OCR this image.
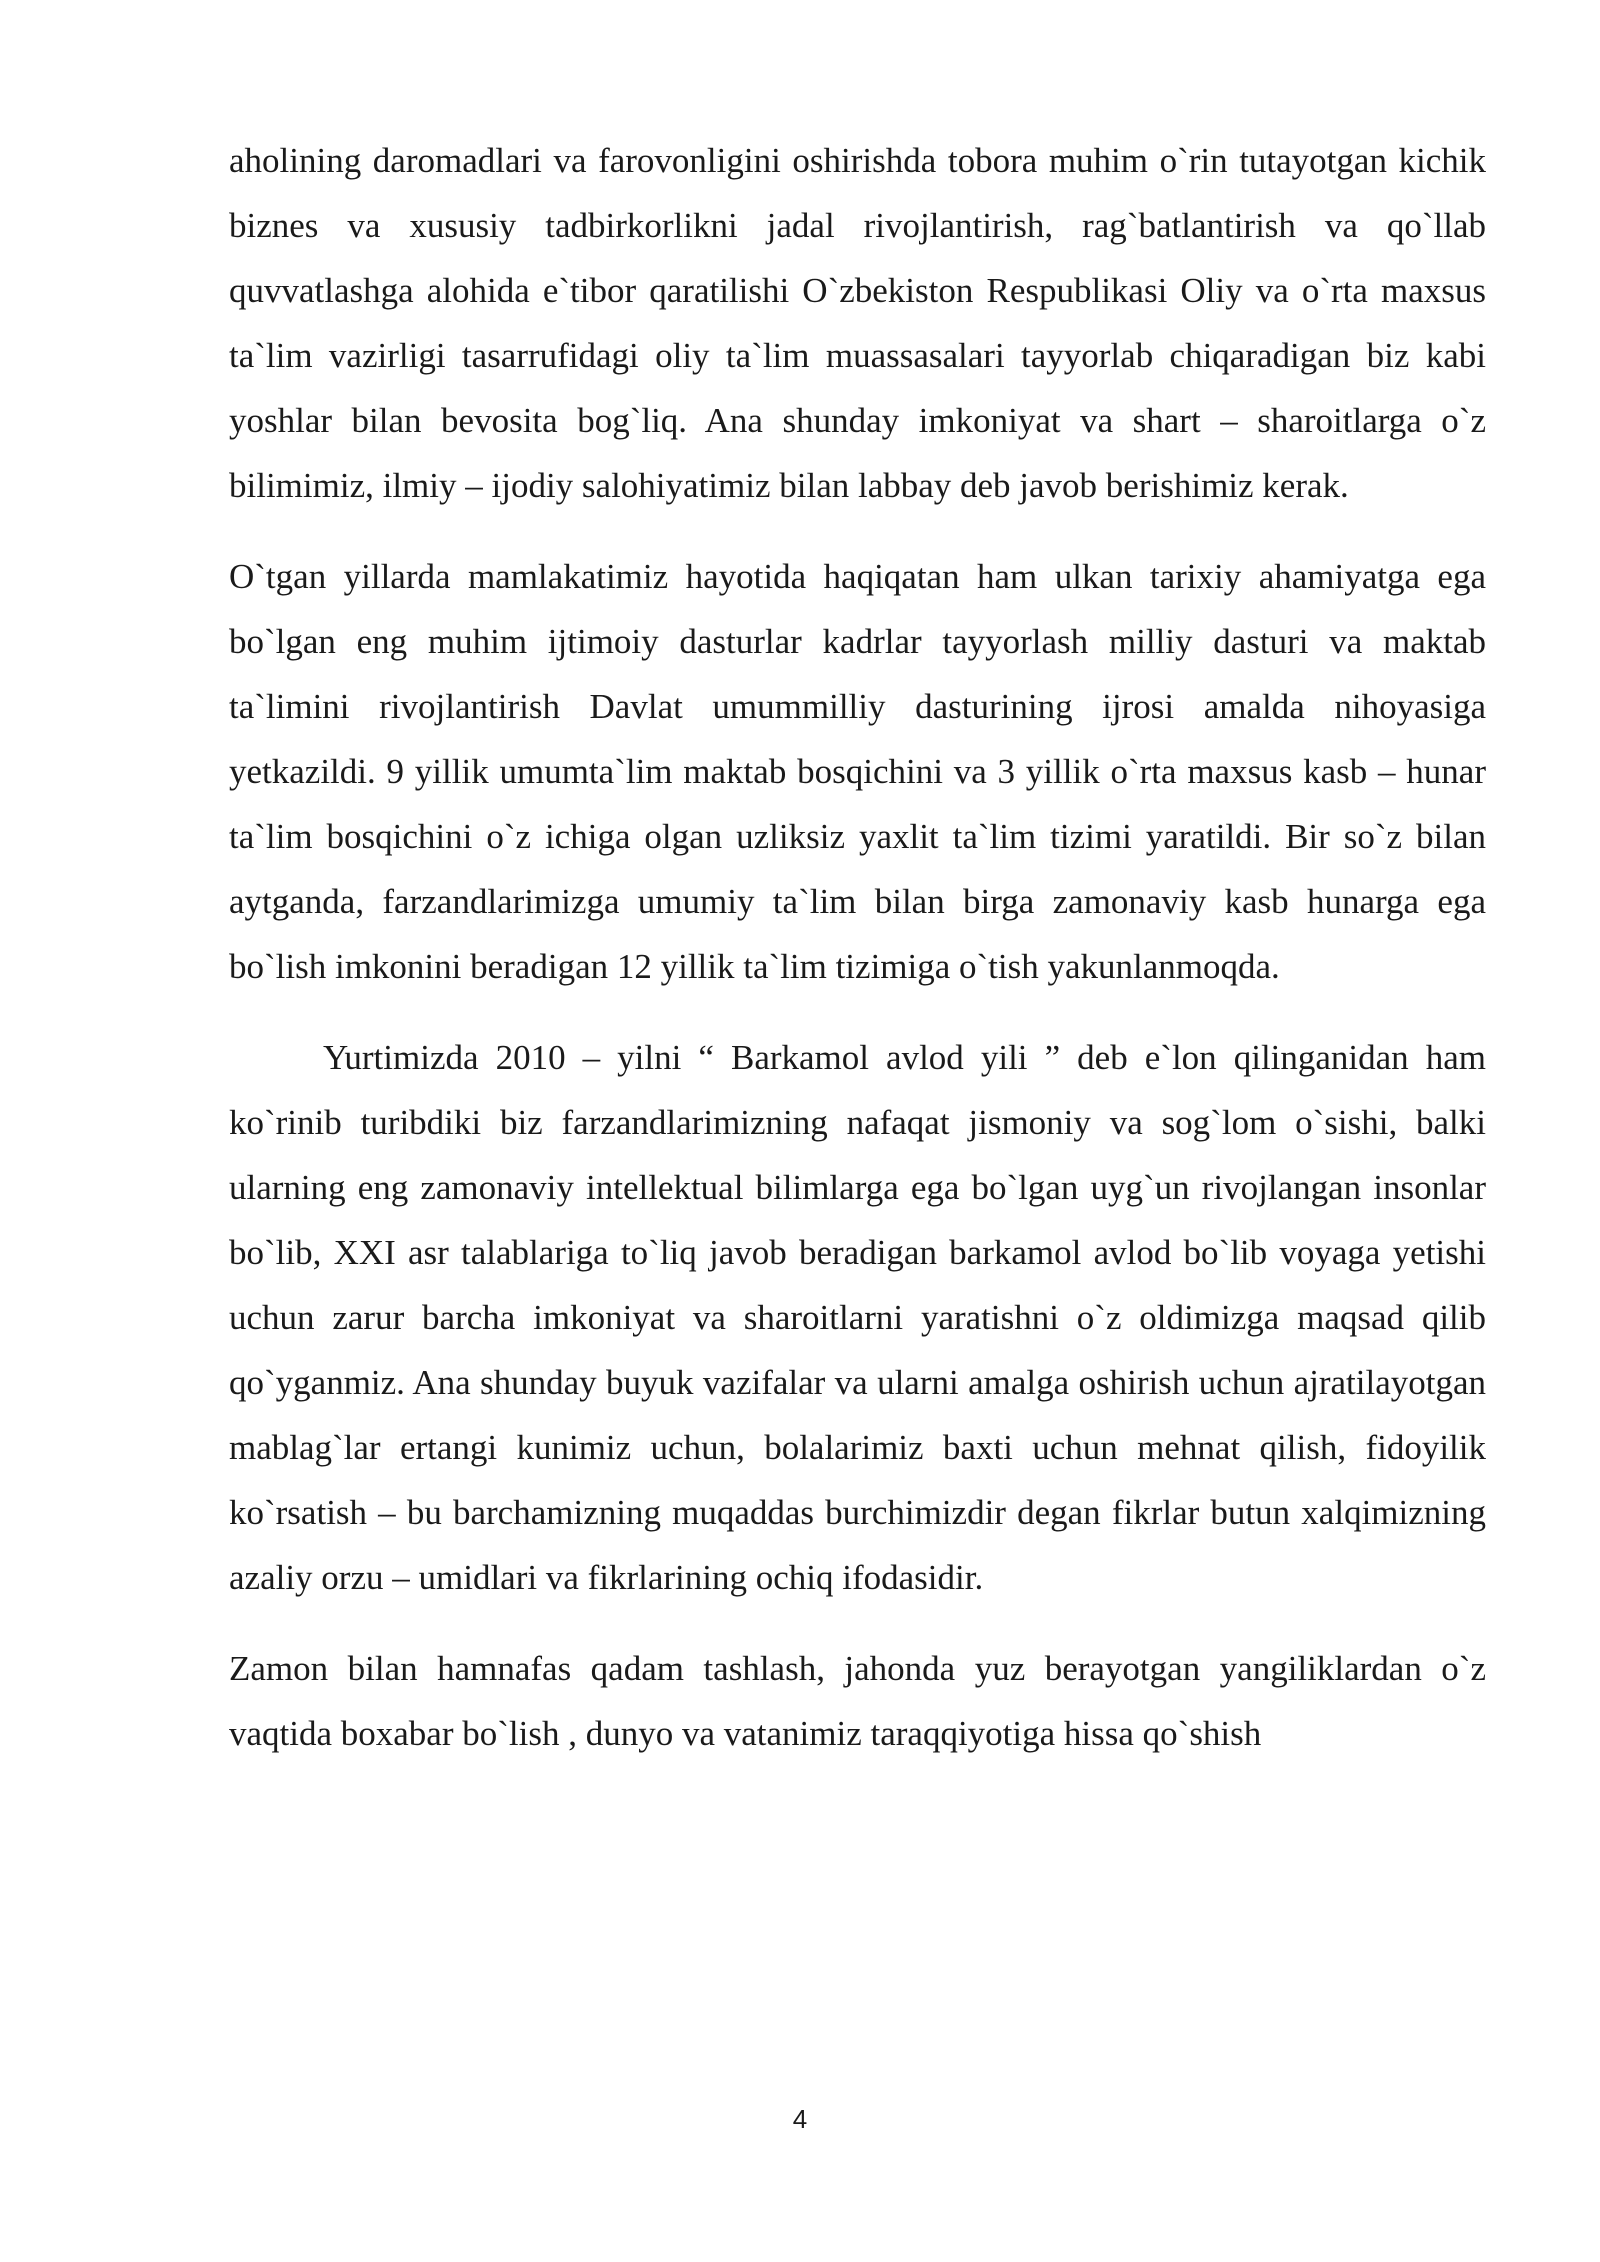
aholining daromadlari va farovonligini oshirishda tobora muhim o`rin tutayotgan kichik biznes va xususiy tadbirkorlikni jadal rivojlantirish, rag`batlantirish va qo`llab quvvatlashga alohida e`tibor qaratilishi O`zbekiston Respublikasi Oliy va o`rta maxsus ta`lim vazirligi tasarrufidagi oliy ta`lim muassasalari tayyorlab chiqaradigan biz kabi yoshlar bilan bevosita bog`liq. Ana shunday imkoniyat va shart – sharoitlarga o`z bilimimiz, ilmiy – ijodiy salohiyatimiz bilan labbay deb javob berishimiz kerak.

O`tgan yillarda mamlakatimiz hayotida haqiqatan ham ulkan tarixiy ahamiyatga ega bo`lgan eng muhim ijtimoiy dasturlar kadrlar tayyorlash milliy dasturi va maktab ta`limini rivojlantirish Davlat umummilliy dasturining ijrosi amalda nihoyasiga yetkazildi. 9 yillik umumta`lim maktab bosqichini va 3 yillik o`rta maxsus kasb – hunar ta`lim bosqichini o`z ichiga olgan uzliksiz yaxlit ta`lim tizimi yaratildi. Bir so`z bilan aytganda, farzandlarimizga umumiy ta`lim bilan birga zamonaviy kasb hunarga ega bo`lish imkonini beradigan 12 yillik ta`lim tizimiga o`tish yakunlanmoqda.

Yurtimizda 2010 – yilni “ Barkamol avlod yili ” deb e`lon qilinganidan ham ko`rinib turibdiki biz farzandlarimizning nafaqat jismoniy va sog`lom o`sishi, balki ularning eng zamonaviy intellektual bilimlarga ega bo`lgan uyg`un rivojlangan insonlar bo`lib, XXI asr talablariga to`liq javob beradigan barkamol avlod bo`lib voyaga yetishi uchun zarur barcha imkoniyat va sharoitlarni yaratishni o`z oldimizga maqsad qilib qo`yganmiz. Ana shunday buyuk vazifalar va ularni amalga oshirish uchun ajratilayotgan mablag`lar ertangi kunimiz uchun, bolalarimiz baxti uchun mehnat qilish, fidoyilik ko`rsatish – bu barchamizning muqaddas burchimizdir degan fikrlar butun xalqimizning azaliy orzu – umidlari va fikrlarining ochiq ifodasidir.

Zamon bilan hamnafas qadam tashlash, jahonda yuz berayotgan yangiliklardan o`z vaqtida boxabar bo`lish , dunyo va vatanimiz taraqqiyotiga hissa qo`shish

4
